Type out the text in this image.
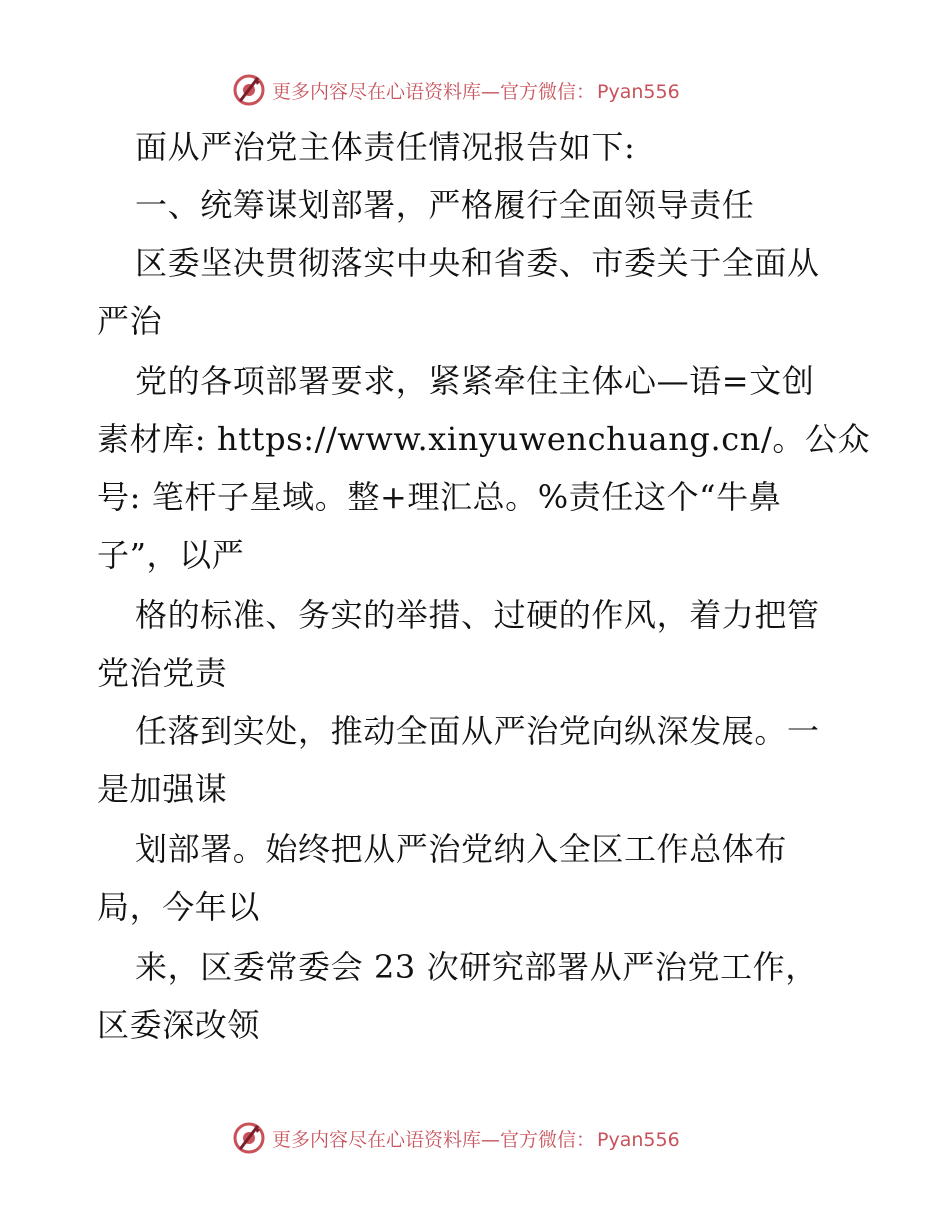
更多内容尽在心语资料库—官方微信： Pyan556
面从严治党主体责任情况报告如下:
一、统筹谋划部署，严格履行全面领导责任
区委坚决贯彻落实中央和省委、市委关于全面从
严治
党的各项部署要求，紧紧牵住主体心—语=文创
素材库: https://www.xinyuwenchuang.cn/。公众
号: 笔杆子星域。整+理汇总。%责任这个“牛鼻
子”，以严
格的标准、务实的举措、过硬的作风，着力把管
党治党责
任落到实处，推动全面从严治党向纵深发展。一
是加强谋
划部署。始终把从严治党纳入全区工作总体布
局，今年以
来，区委常委会 23 次研究部署从严治党工作，
区委深改领
更多内容尽在心语资料库—官方微信： Pyan556
